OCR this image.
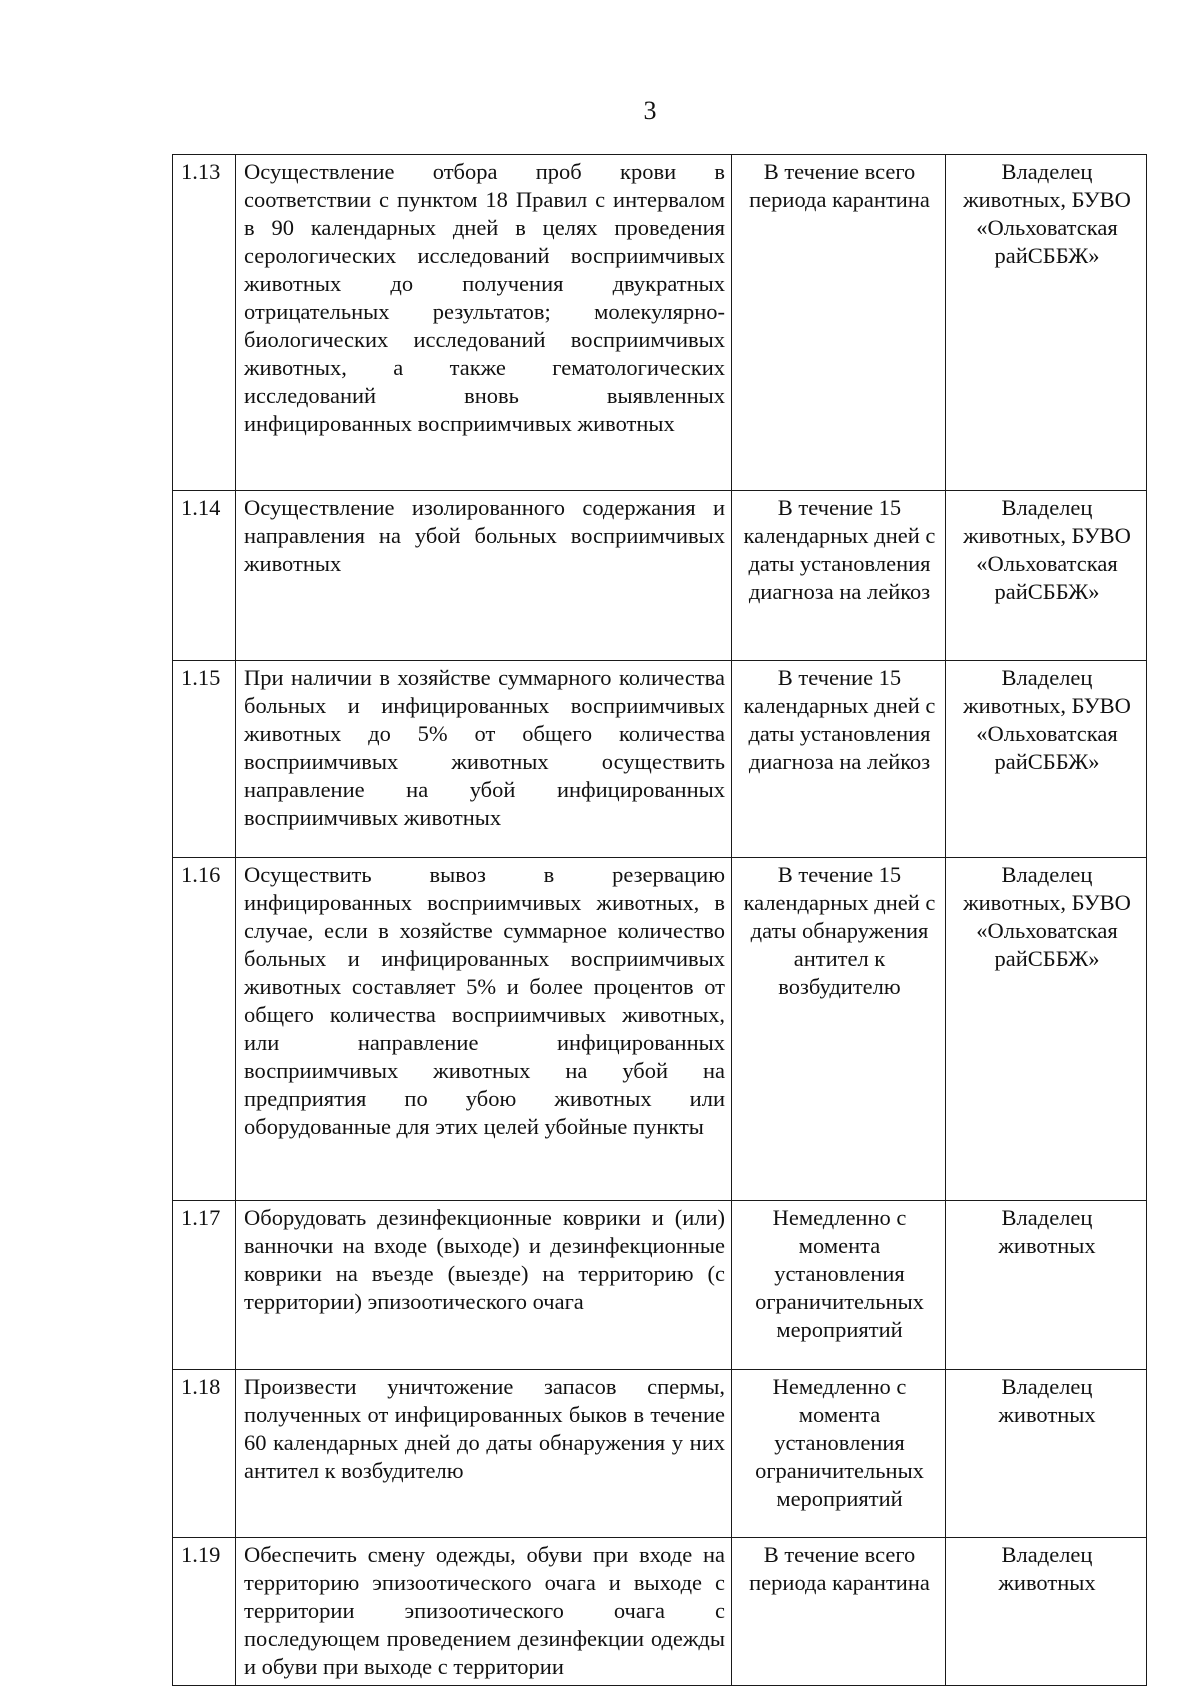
3
1.13	Осуществление отбора проб крови в соответствии с пунктом 18 Правил с интервалом в 90 календарных дней в целях проведения серологических исследований восприимчивых животных до получения двукратных отрицательных результатов; молекулярно-биологических исследований восприимчивых животных, а также гематологических исследований вновь выявленных инфицированных восприимчивых животных	В течение всего периода карантина	Владелец животных, БУВО «Ольховатская райСББЖ»
1.14	Осуществление изолированного содержания и направления на убой больных восприимчивых животных	В течение 15 календарных дней с даты установления диагноза на лейкоз	Владелец животных, БУВО «Ольховатская райСББЖ»
1.15	При наличии в хозяйстве суммарного количества больных и инфицированных восприимчивых животных до 5% от общего количества восприимчивых животных осуществить направление на убой инфицированных восприимчивых животных	В течение 15 календарных дней с даты установления диагноза на лейкоз	Владелец животных, БУВО «Ольховатская райСББЖ»
1.16	Осуществить вывоз в резервацию инфицированных восприимчивых животных, в случае, если в хозяйстве суммарное количество больных и инфицированных восприимчивых животных составляет 5% и более процентов от общего количества восприимчивых животных, или направление инфицированных восприимчивых животных на убой на предприятия по убою животных или оборудованные для этих целей убойные пункты	В течение 15 календарных дней с даты обнаружения антител к возбудителю	Владелец животных, БУВО «Ольховатская райСББЖ»
1.17	Оборудовать дезинфекционные коврики и (или) ванночки на входе (выходе) и дезинфекционные коврики на въезде (выезде) на территорию (с территории) эпизоотического очага	Немедленно с момента установления ограничительных мероприятий	Владелец животных
1.18	Произвести уничтожение запасов спермы, полученных от инфицированных быков в течение 60 календарных дней до даты обнаружения у них антител к возбудителю	Немедленно с момента установления ограничительных мероприятий	Владелец животных
1.19	Обеспечить смену одежды, обуви при входе на территорию эпизоотического очага и выходе с территории эпизоотического очага с последующем проведением дезинфекции одежды и обуви при выходе с территории	В течение всего периода карантина	Владелец животных
